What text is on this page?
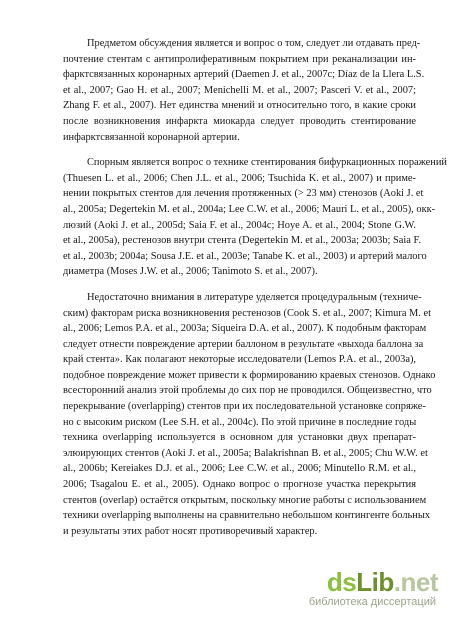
Предметом обсуждения является и вопрос о том, следует ли отдавать пред-
почтение стентам с антипролиферативным покрытием при реканализации ин-
фарктсвязанных коронарных артерий (Daemen J. et al., 2007с; Díaz de la Llera L.S.
et al., 2007; Gao H. et al., 2007; Menichelli M. et al., 2007; Pasceri V. et al., 2007;
Zhang F. et al., 2007). Нет единства мнений и относительно того, в какие сроки
после возникновения инфаркта миокарда следует проводить стентирование
инфарктсвязанной коронарной артерии.

Спорным является вопрос о технике стентирования бифуркационных поражений
(Thuesen L. et al., 2006; Chen J.L. et al., 2006; Tsuchida K. et al., 2007) и приме-
нении покрытых стентов для лечения протяженных (> 23 мм) стенозов (Aoki J. et
al., 2005а; Degertekin M. et al., 2004а; Lee C.W. et al., 2006; Mauri L. et al., 2005), окк-
люзий (Aoki J. et al., 2005d; Saia F. et al., 2004с; Hoye A. et al., 2004; Stone G.W.
et al., 2005а), рестенозов внутри стента (Degertekin M. et al., 2003а; 2003b; Saia F.
et al., 2003b; 2004а; Sousa J.E. et al., 2003е; Tanabe K. et al., 2003) и артерий малого
диаметра (Moses J.W. et al., 2006; Tanimoto S. et al., 2007).

Недостаточно внимания в литературе уделяется процедуральным (техниче-
ским) факторам риска возникновения рестенозов (Cook S. et al., 2007; Kimura M. et
al., 2006; Lemos P.A. et al., 2003а; Siqueira D.A. et al., 2007). К подобным факторам
следует отнести повреждение артерии баллоном в результате «выхода баллона за
край стента». Как полагают некоторые исследователи (Lemos P.A. et al., 2003а),
подобное повреждение может привести к формированию краевых стенозов. Однако
всесторонний анализ этой проблемы до сих пор не проводился. Общеизвестно, что
перекрывание (overlapping) стентов при их последовательной установке сопряже-
но с высоким риском (Lee S.H. et al., 2004с). По этой причине в последние годы
техника overlapping используется в основном для установки двух препарат-
элюирующих стентов (Aoki J. et al., 2005а; Balakrishnan B. et al., 2005; Chu W.W. et
al., 2006b; Kereiakes D.J. et al., 2006; Lee C.W. et al., 2006; Minutello R.M. et al.,
2006; Tsagalou E. et al., 2005). Однако вопрос о прогнозе участка перекрытия
стентов (overlap) остаётся открытым, поскольку многие работы с использованием
техники overlapping выполнены на сравнительно небольшом контингенте больных
и результаты этих работ носят противоречивый характер.

dsLib.net
библиотека диссертаций
